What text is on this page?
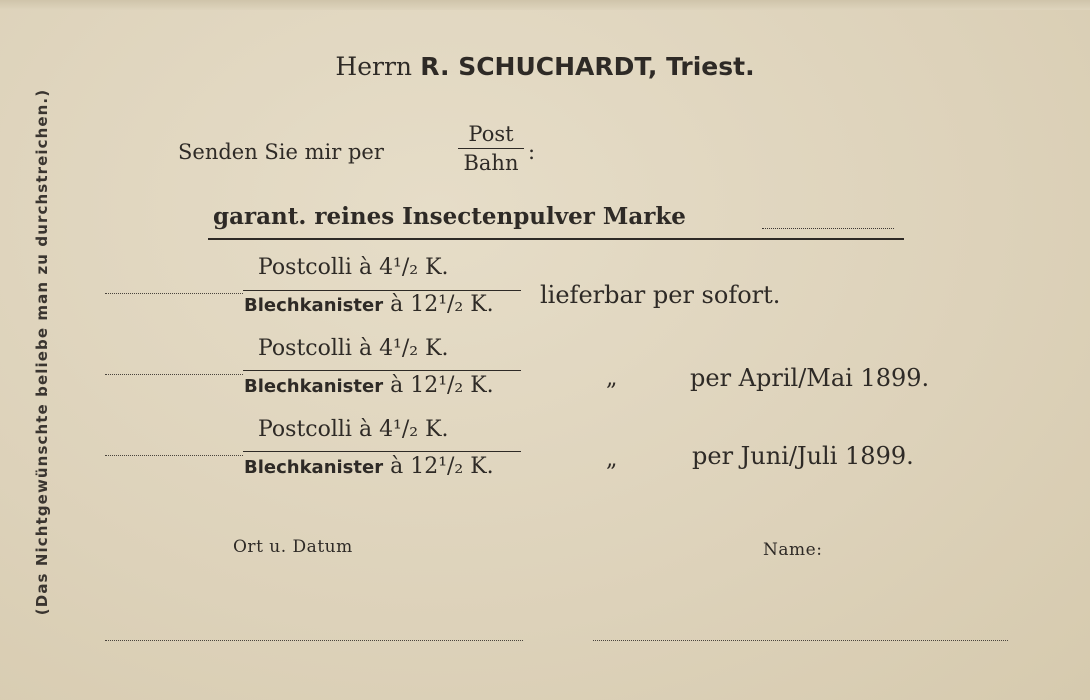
(Das Nichtgewünschte beliebe man zu durchstreichen.)
Herrn R. SCHUCHARDT, Triest.
Senden Sie mir per
Post
Bahn :
garant. reines Insectenpulver Marke
Postcolli à 4¹/₂ K.
Blechkanister à 12¹/₂ K. lieferbar per sofort.
Postcolli à 4¹/₂ K.
Blechkanister à 12¹/₂ K.	„	per April/Mai 1899.
Postcolli à 4¹/₂ K.
Blechkanister à 12¹/₂ K.	„	per Juni/Juli 1899.
Ort u. Datum	Name:
